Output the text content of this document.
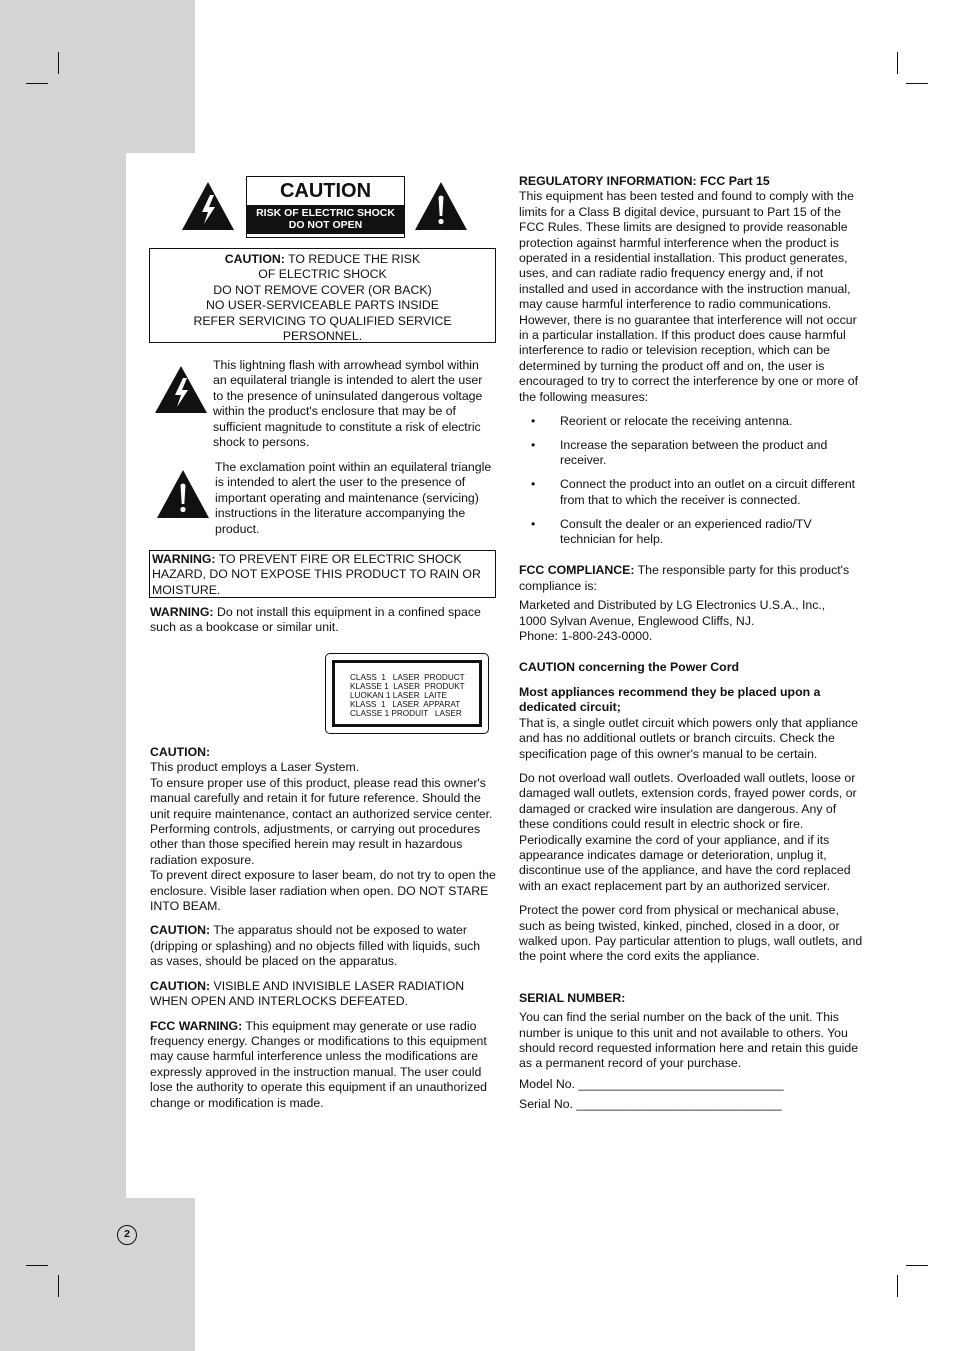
CAUTION
RISK OF ELECTRIC SHOCK
DO NOT OPEN
CAUTION: TO REDUCE THE RISK
OF ELECTRIC SHOCK
DO NOT REMOVE COVER (OR BACK)
NO USER-SERVICEABLE PARTS INSIDE
REFER SERVICING TO QUALIFIED SERVICE
PERSONNEL.

This lightning flash with arrowhead symbol within an equilateral triangle is intended to alert the user to the presence of uninsulated dangerous voltage within the product's enclosure that may be of sufficient magnitude to constitute a risk of electric shock to persons.

The exclamation point within an equilateral triangle is intended to alert the user to the presence of important operating and maintenance (servicing) instructions in the literature accompanying the product.

WARNING: TO PREVENT FIRE OR ELECTRIC SHOCK HAZARD, DO NOT EXPOSE THIS PRODUCT TO RAIN OR MOISTURE.

WARNING: Do not install this equipment in a confined space such as a bookcase or similar unit.

CLASS  1   LASER  PRODUCT
KLASSE 1  LASER  PRODUKT
LUOKAN 1 LASER  LAITE
KLASS  1   LASER  APPARAT
CLASSE 1 PRODUIT   LASER
CAUTION:

This product employs a Laser System.
To ensure proper use of this product, please read this owner's manual carefully and retain it for future reference. Should the unit require maintenance, contact an authorized service center.
Performing controls, adjustments, or carrying out procedures other than those specified herein may result in hazardous radiation exposure.
To prevent direct exposure to laser beam, do not try to open the enclosure. Visible laser radiation when open. DO NOT STARE INTO BEAM.

CAUTION: The apparatus should not be exposed to water (dripping or splashing) and no objects filled with liquids, such as vases, should be placed on the apparatus.

CAUTION: VISIBLE AND INVISIBLE LASER RADIATION WHEN OPEN AND INTERLOCKS DEFEATED.

FCC WARNING: This equipment may generate or use radio frequency energy. Changes or modifications to this equipment may cause harmful interference unless the modifications are expressly approved in the instruction manual. The user could lose the authority to operate this equipment if an unauthorized change or modification is made.

REGULATORY INFORMATION: FCC Part 15

This equipment has been tested and found to comply with the limits for a Class B digital device, pursuant to Part 15 of the FCC Rules. These limits are designed to provide reasonable protection against harmful interference when the product is operated in a residential installation. This product generates, uses, and can radiate radio frequency energy and, if not installed and used in accordance with the instruction manual, may cause harmful interference to radio communications. However, there is no guarantee that interference will not occur in a particular installation. If this product does cause harmful interference to radio or television reception, which can be determined by turning the product off and on, the user is encouraged to try to correct the interference by one or more of the following measures:

• Reorient or relocate the receiving antenna.
• Increase the separation between the product and receiver.
• Connect the product into an outlet on a circuit different from that to which the receiver is connected.
• Consult the dealer or an experienced radio/TV technician for help.

FCC COMPLIANCE: The responsible party for this product's compliance is:

Marketed and Distributed by LG Electronics U.S.A., Inc.,
1000 Sylvan Avenue, Englewood Cliffs, NJ.
Phone: 1-800-243-0000.

CAUTION concerning the Power Cord
Most appliances recommend they be placed upon a dedicated circuit;

That is, a single outlet circuit which powers only that appliance and has no additional outlets or branch circuits. Check the specification page of this owner's manual to be certain.

Do not overload wall outlets. Overloaded wall outlets, loose or damaged wall outlets, extension cords, frayed power cords, or damaged or cracked wire insulation are dangerous. Any of these conditions could result in electric shock or fire. Periodically examine the cord of your appliance, and if its appearance indicates damage or deterioration, unplug it, discontinue use of the appliance, and have the cord replaced with an exact replacement part by an authorized servicer.

Protect the power cord from physical or mechanical abuse, such as being twisted, kinked, pinched, closed in a door, or walked upon. Pay particular attention to plugs, wall outlets, and the point where the cord exits the appliance.

SERIAL NUMBER:

You can find the serial number on the back of the unit. This number is unique to this unit and not available to others. You should record requested information here and retain this guide as a permanent record of your purchase.

Model No. ______________________________

Serial No. ______________________________

2
